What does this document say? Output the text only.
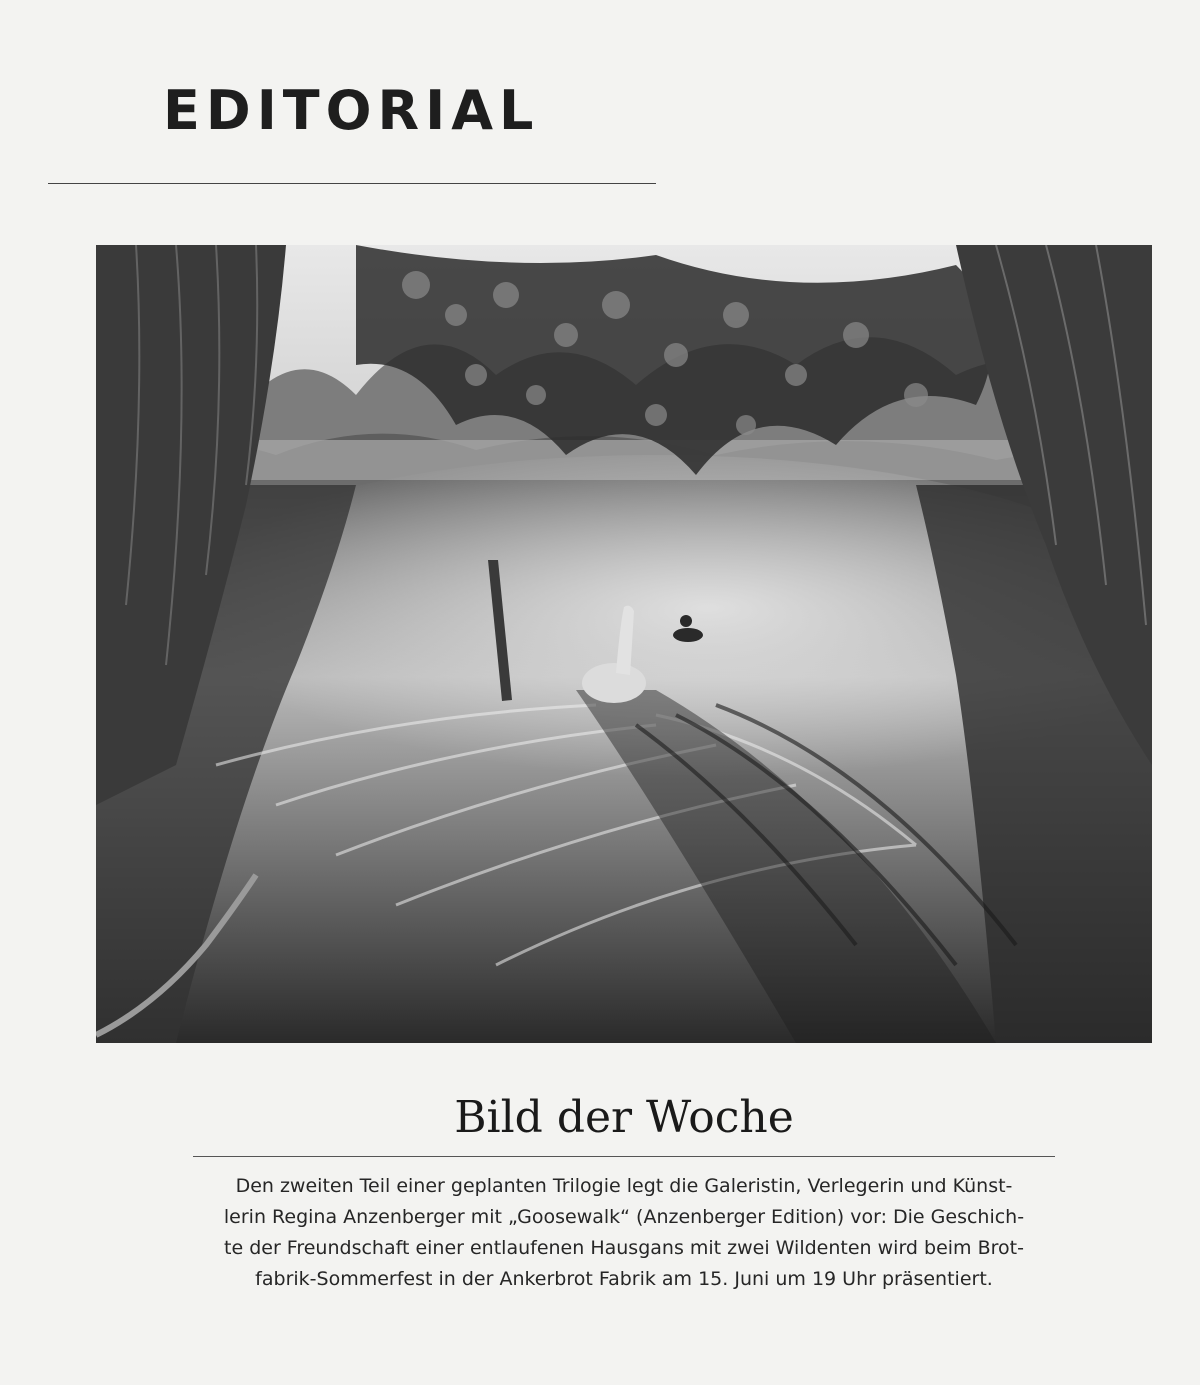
EDITORIAL
Bild der Woche
Den zweiten Teil einer geplanten Trilogie legt die Galeristin, Verlegerin und Künst-
lerin Regina Anzenberger mit „Goosewalk“ (Anzenberger Edition) vor: Die Geschich-
te der Freundschaft einer entlaufenen Hausgans mit zwei Wildenten wird beim Brot-
fabrik-Sommerfest in der Ankerbrot Fabrik am 15. Juni um 19 Uhr präsentiert.
